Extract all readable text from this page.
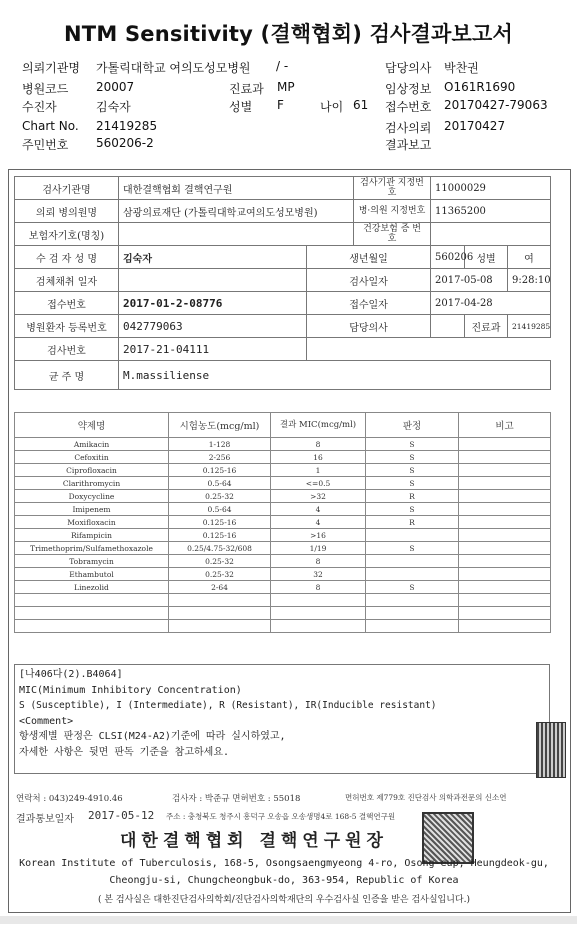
NTM Sensitivity (결핵협회) 검사결과보고서
의뢰기관명 가톨릭대학교 여의도성모병원 / -	담당의사 박찬권
병원코드 20007	진료과 MP	임상정보 O161R1690
수진자	김숙자	성별 F	나이 61 접수번호 20170427-79063
Chart No. 21419285	검사의뢰 20170427
주민번호 560206-2	결과보고
검사기관명	대한결핵협회 결핵연구원		검사기관 지정번호	11000029		
의뢰 병의원명	삼광의료재단 (가톨릭대학교여의도성모병원)		병·의원 지정번호	11365200		
보험자기호(명칭)			건강보험 증 번 호			
수 검 자 성 명	김숙자	생년월일		560206	성별	여
검체채취 일자		검사일자		2017-05-08		9:28:10
접수번호	2017-01-2-08776	접수일자		2017-04-28		
병원환자 등록번호	042779063	담당의사			진료과	21419285
검사번호	2017-21-04111					
균 주 명	M.massiliense					
약제명	시험농도(mcg/ml)	결과 MIC(mcg/ml)	판정	비고
Amikacin	1-128	8	S	
Cefoxitin	2-256	16	S	
Ciprofloxacin	0.125-16	1	S	
Clarithromycin	0.5-64	<=0.5	S	
Doxycycline	0.25-32	>32	R	
Imipenem	0.5-64	4	S	
Moxifloxacin	0.125-16	4	R	
Rifampicin	0.125-16	>16		
Trimethoprim/Sulfamethoxazole	0.25/4.75-32/608	1/19	S	
Tobramycin	0.25-32	8		
Ethambutol	0.25-32	32		
Linezolid	2-64	8	S	

[나406다(2).B4064]
MIC(Minimum Inhibitory Concentration)
S (Susceptible), I (Intermediate), R (Resistant), IR(Inducible resistant)
<Comment>
항생제별 판정은 CLSI(M24-A2)기준에 따라 실시하였고,
자세한 사항은 뒷면 판독 기준을 참고하세요.
연락처 : 043)249-4910.46	검사자 : 박준규 면허번호 : 55018	면허번호 제779호 진단검사 의학과전문의 신소연
결과통보일자 2017-05-12 주소 : 충청북도 청주시 흥덕구 오송읍 오송생명4로 168-5 결핵연구원
대한결핵협회 결핵연구원장
Korean Institute of Tuberculosis, 168-5, Osongsaengmyeong 4-ro, Osong-eup, Heungdeok-gu,
Cheongju-si, Chungcheongbuk-do, 363-954, Republic of Korea
( 본 검사실은 대한진단검사의학회/진단검사의학재단의 우수검사실 인증을 받은 검사실입니다.)
